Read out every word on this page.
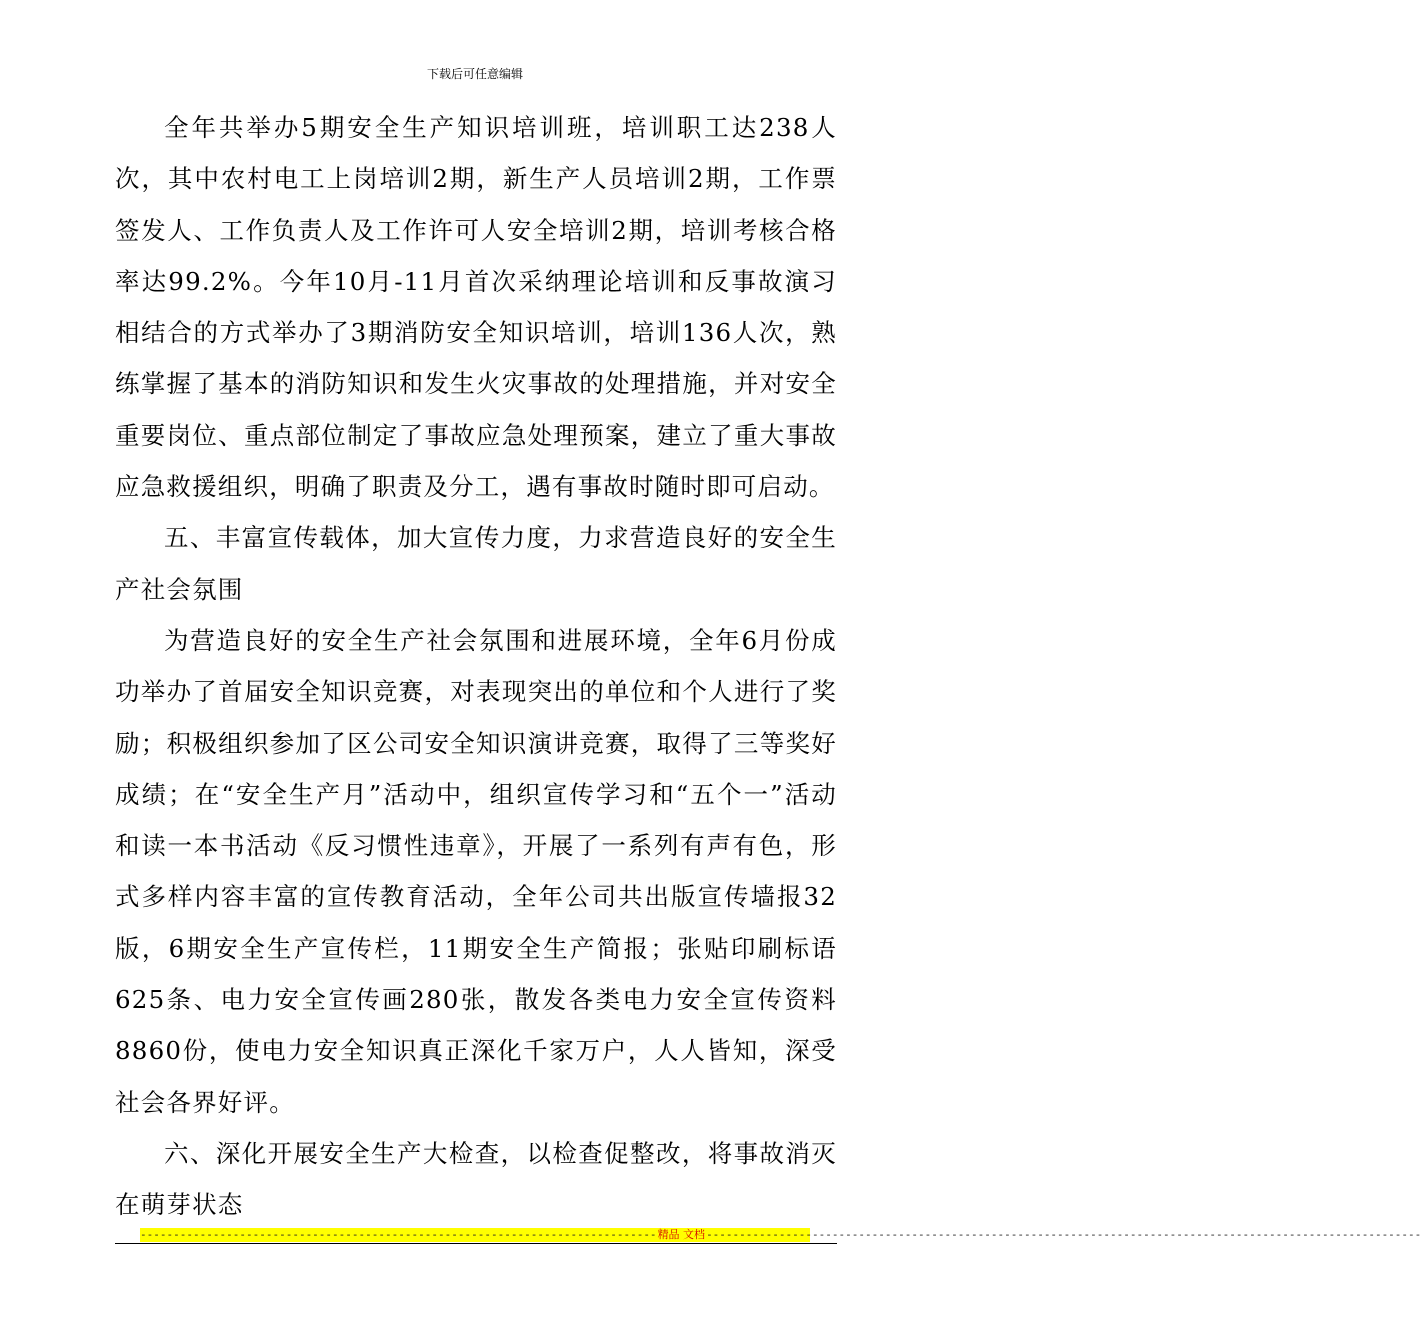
下载后可任意编辑

全年共举办5期安全生产知识培训班，培训职工达238人次，其中农村电工上岗培训2期，新生产人员培训2期，工作票签发人、工作负责人及工作许可人安全培训2期，培训考核合格率达99.2%。今年10月-11月首次采纳理论培训和反事故演习相结合的方式举办了3期消防安全知识培训，培训136人次，熟练掌握了基本的消防知识和发生火灾事故的处理措施，并对安全重要岗位、重点部位制定了事故应急处理预案，建立了重大事故应急救援组织，明确了职责及分工，遇有事故时随时即可启动。

五、丰富宣传载体，加大宣传力度，力求营造良好的安全生产社会氛围

为营造良好的安全生产社会氛围和进展环境，全年6月份成功举办了首届安全知识竞赛，对表现突出的单位和个人进行了奖励；积极组织参加了区公司安全知识演讲竞赛，取得了三等奖好成绩；在“安全生产月”活动中，组织宣传学习和“五个一”活动和读一本书活动《反习惯性违章》，开展了一系列有声有色，形式多样内容丰富的宣传教育活动，全年公司共出版宣传墙报32版，6期安全生产宣传栏，11期安全生产简报；张贴印刷标语625条、电力安全宣传画280张，散发各类电力安全宣传资料8860份，使电力安全知识真正深化千家万户，人人皆知，深受社会各界好评。

六、深化开展安全生产大检查，以检查促整改，将事故消灭在萌芽状态

------------------------------------------------------------------------------ 精品 文档 ------------------------------------------------------------------------------------------------------------
